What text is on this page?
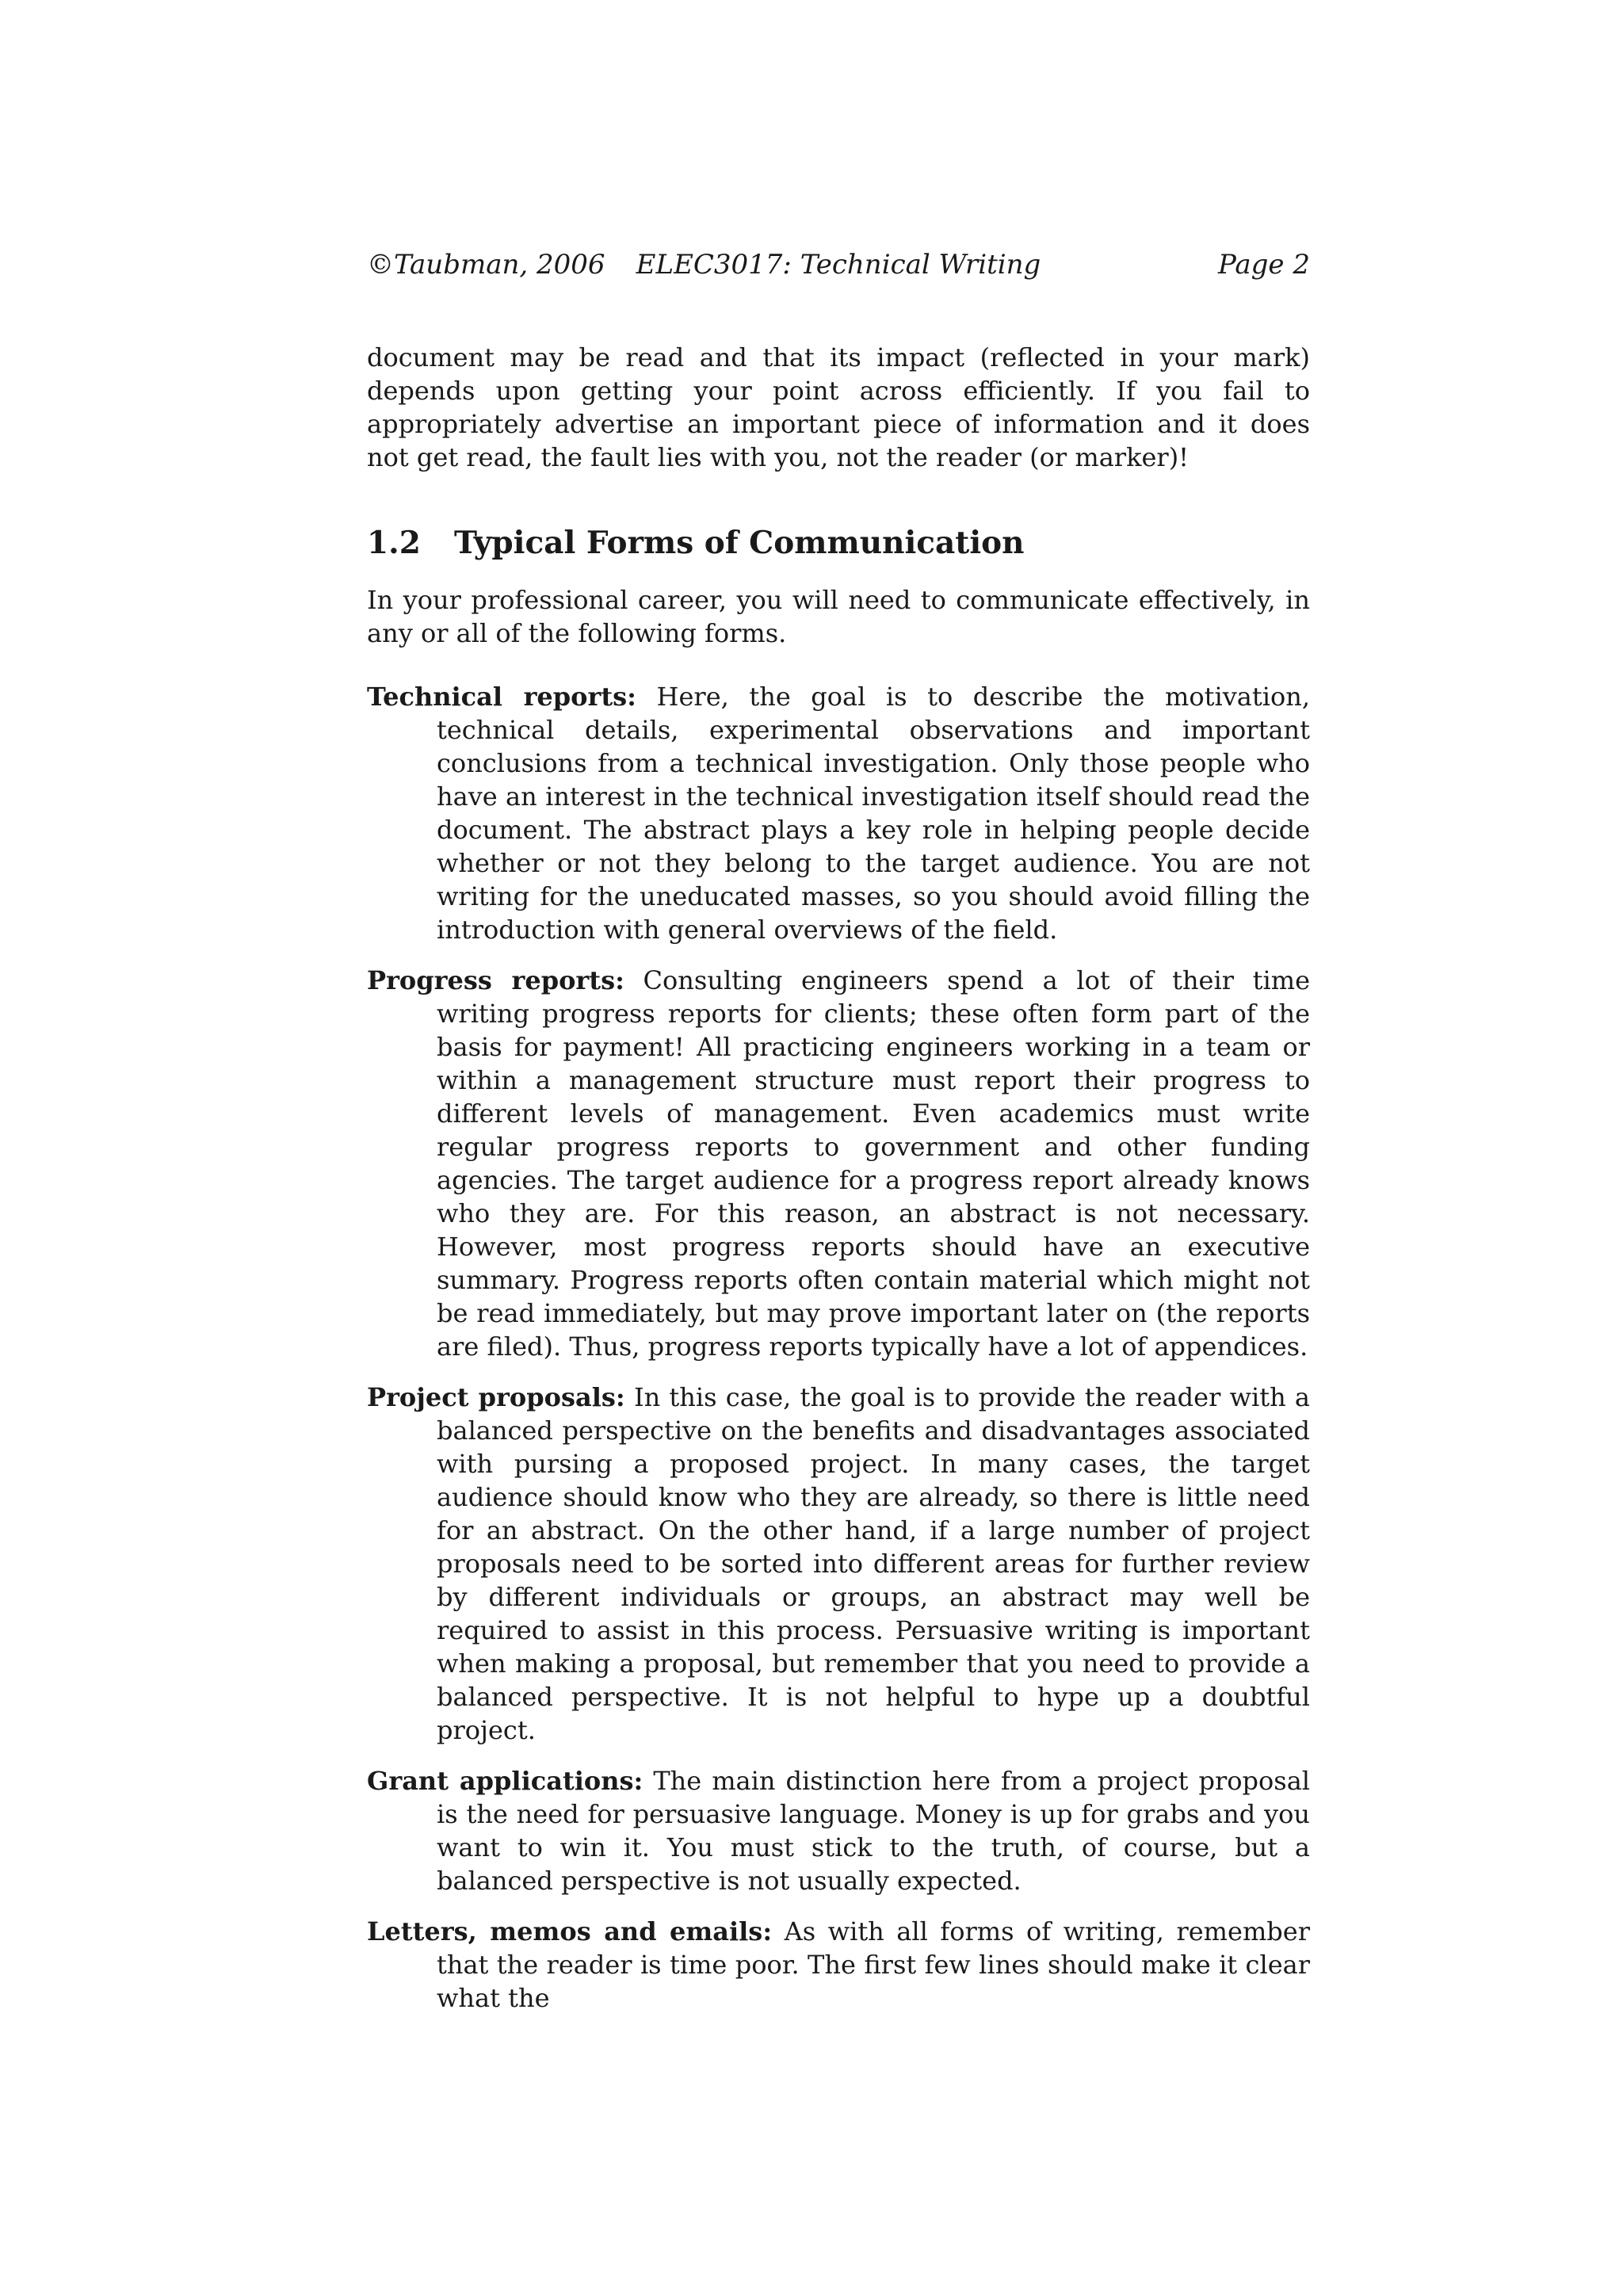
©Taubman, 2006	ELEC3017: Technical Writing	Page 2

document may be read and that its impact (reflected in your mark) depends upon getting your point across efficiently. If you fail to appropriately advertise an important piece of information and it does not get read, the fault lies with you, not the reader (or marker)!

1.2 Typical Forms of Communication

In your professional career, you will need to communicate effectively, in any or all of the following forms.

Technical reports: Here, the goal is to describe the motivation, technical details, experimental observations and important conclusions from a technical investigation. Only those people who have an interest in the technical investigation itself should read the document. The abstract plays a key role in helping people decide whether or not they belong to the target audience. You are not writing for the uneducated masses, so you should avoid filling the introduction with general overviews of the field.

Progress reports: Consulting engineers spend a lot of their time writing progress reports for clients; these often form part of the basis for payment! All practicing engineers working in a team or within a management structure must report their progress to different levels of management. Even academics must write regular progress reports to government and other funding agencies. The target audience for a progress report already knows who they are. For this reason, an abstract is not necessary. However, most progress reports should have an executive summary. Progress reports often contain material which might not be read immediately, but may prove important later on (the reports are filed). Thus, progress reports typically have a lot of appendices.

Project proposals: In this case, the goal is to provide the reader with a balanced perspective on the benefits and disadvantages associated with pursing a proposed project. In many cases, the target audience should know who they are already, so there is little need for an abstract. On the other hand, if a large number of project proposals need to be sorted into different areas for further review by different individuals or groups, an abstract may well be required to assist in this process. Persuasive writing is important when making a proposal, but remember that you need to provide a balanced perspective. It is not helpful to hype up a doubtful project.

Grant applications: The main distinction here from a project proposal is the need for persuasive language. Money is up for grabs and you want to win it. You must stick to the truth, of course, but a balanced perspective is not usually expected.

Letters, memos and emails: As with all forms of writing, remember that the reader is time poor. The first few lines should make it clear what the
